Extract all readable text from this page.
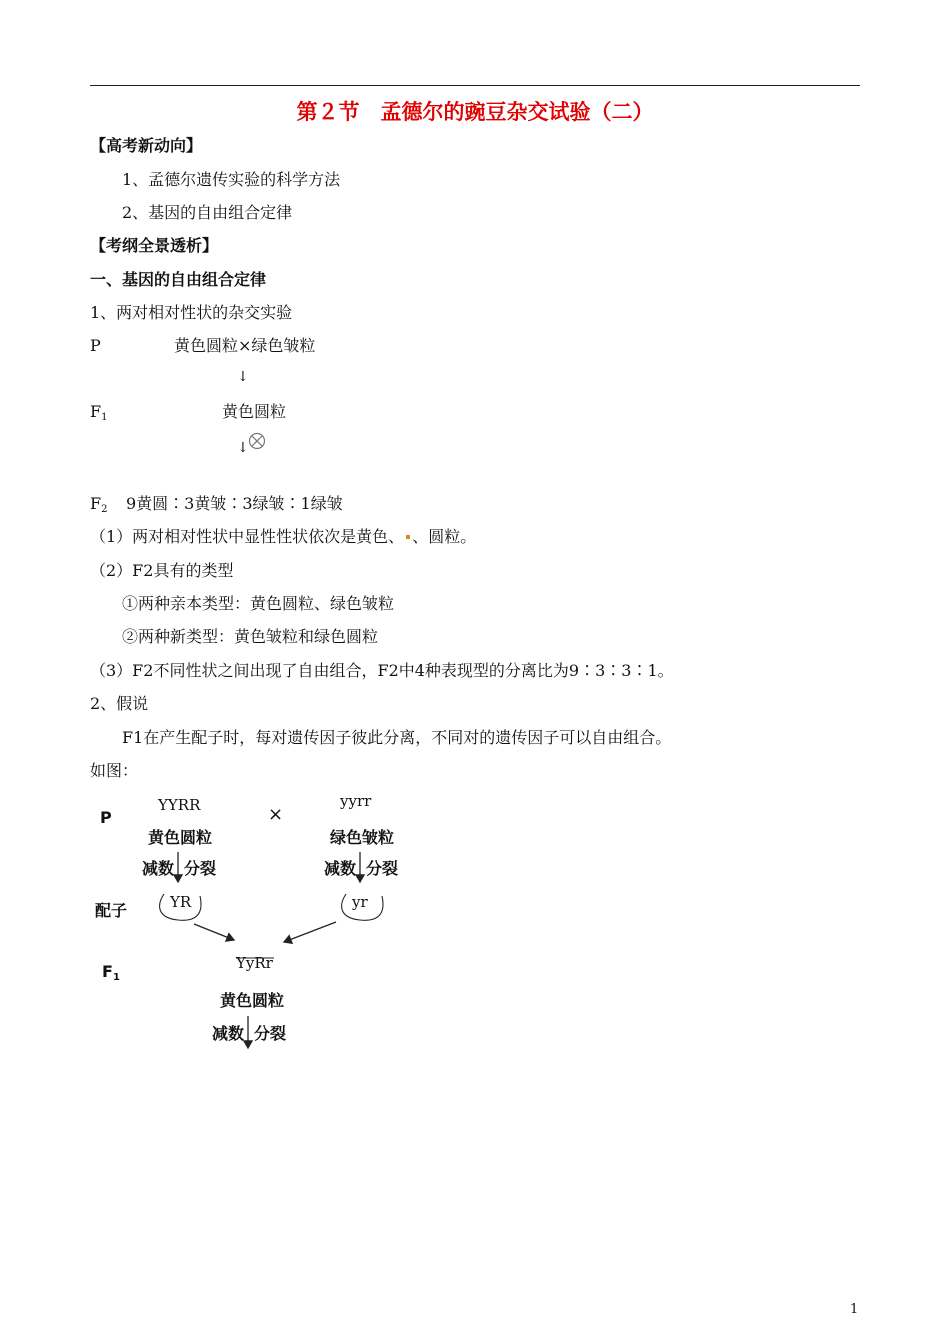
第２节　孟德尔的豌豆杂交试验（二）
【高考新动向】
1、孟德尔遗传实验的科学方法
2、基因的自由组合定律
【考纲全景透析】
一、基因的自由组合定律
1、两对相对性状的杂交实验
P	黄色圆粒×绿色皱粒
↓
F1	黄色圆粒
↓
F2 9黄圆∶3黄皱∶3绿皱∶1绿皱
（1）两对相对性状中显性性状依次是黄色、 、圆粒。
（2）F2具有的类型
①两种亲本类型：黄色圆粒、绿色皱粒
②两种新类型：黄色皱粒和绿色圆粒
（3）F2不同性状之间出现了自由组合，F2中4种表现型的分离比为9∶3∶3∶1。
2、假说
F1在产生配子时，每对遗传因子彼此分离，不同对的遗传因子可以自由组合。
如图：
P
YYRR	×
yyrr
黄色圆粒	绿色皱粒
减数 分裂	减数 分裂
配子	YR	yr
F1
YyRr
黄色圆粒
减数 分裂
1
